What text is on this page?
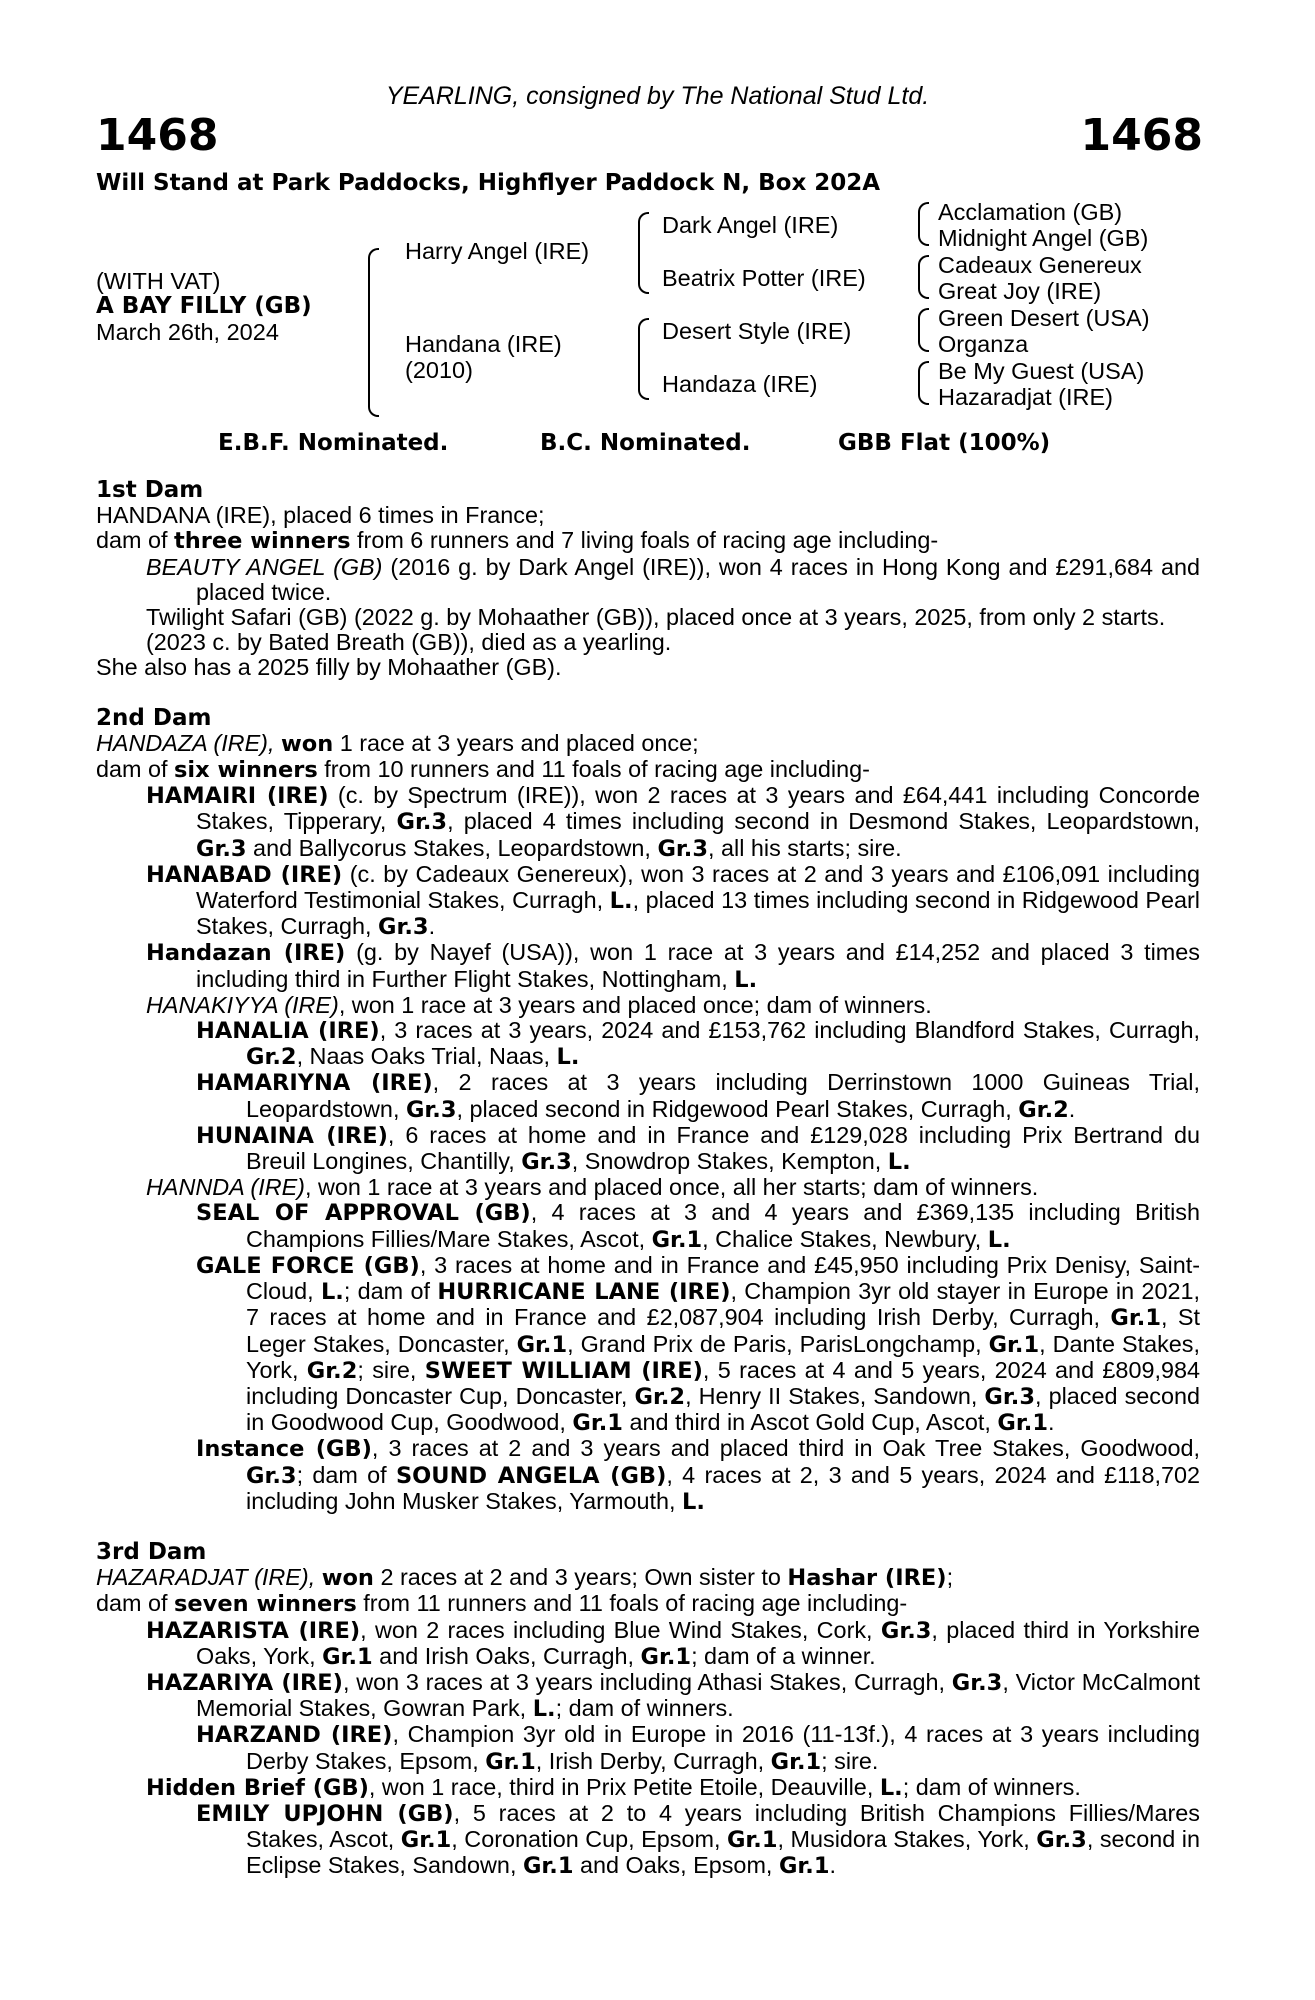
1468	1468
YEARLING, consigned by The National Stud Ltd.
Will Stand at Park Paddocks, Highflyer Paddock N, Box 202A
(WITH VAT)
A BAY FILLY (GB)
March 26th, 2024
Harry Angel (IRE)
Handana (IRE)
(2010)
Dark Angel (IRE)
Beatrix Potter (IRE)
Desert Style (IRE)
Handaza (IRE)
Acclamation (GB)
Midnight Angel (GB)
Cadeaux Genereux
Great Joy (IRE)
Green Desert (USA)
Organza
Be My Guest (USA)
Hazaradjat (IRE)
E.B.F. Nominated.	B.C. Nominated.	GBB Flat (100%)
1st Dam
HANDANA (IRE), placed 6 times in France;
dam of three winners from 6 runners and 7 living foals of racing age including-
BEAUTY ANGEL (GB) (2016 g. by Dark Angel (IRE)), won 4 races in Hong Kong and £291,684 and placed twice.
Twilight Safari (GB) (2022 g. by Mohaather (GB)), placed once at 3 years, 2025, from only 2 starts.
(2023 c. by Bated Breath (GB)), died as a yearling.
She also has a 2025 filly by Mohaather (GB).
2nd Dam
HANDAZA (IRE), won 1 race at 3 years and placed once;
dam of six winners from 10 runners and 11 foals of racing age including-
HAMAIRI (IRE) (c. by Spectrum (IRE)), won 2 races at 3 years and £64,441 including Concorde Stakes, Tipperary, Gr.3, placed 4 times including second in Desmond Stakes, Leopardstown, Gr.3 and Ballycorus Stakes, Leopardstown, Gr.3, all his starts; sire.
HANABAD (IRE) (c. by Cadeaux Genereux), won 3 races at 2 and 3 years and £106,091 including Waterford Testimonial Stakes, Curragh, L., placed 13 times including second in Ridgewood Pearl Stakes, Curragh, Gr.3.
Handazan (IRE) (g. by Nayef (USA)), won 1 race at 3 years and £14,252 and placed 3 times including third in Further Flight Stakes, Nottingham, L.
HANAKIYYA (IRE), won 1 race at 3 years and placed once; dam of winners.
HANALIA (IRE), 3 races at 3 years, 2024 and £153,762 including Blandford Stakes, Curragh, Gr.2, Naas Oaks Trial, Naas, L.
HAMARIYNA (IRE), 2 races at 3 years including Derrinstown 1000 Guineas Trial, Leopardstown, Gr.3, placed second in Ridgewood Pearl Stakes, Curragh, Gr.2.
HUNAINA (IRE), 6 races at home and in France and £129,028 including Prix Bertrand du Breuil Longines, Chantilly, Gr.3, Snowdrop Stakes, Kempton, L.
HANNDA (IRE), won 1 race at 3 years and placed once, all her starts; dam of winners.
SEAL OF APPROVAL (GB), 4 races at 3 and 4 years and £369,135 including British Champions Fillies/Mare Stakes, Ascot, Gr.1, Chalice Stakes, Newbury, L.
GALE FORCE (GB), 3 races at home and in France and £45,950 including Prix Denisy, Saint-Cloud, L.; dam of HURRICANE LANE (IRE), Champion 3yr old stayer in Europe in 2021, 7 races at home and in France and £2,087,904 including Irish Derby, Curragh, Gr.1, St Leger Stakes, Doncaster, Gr.1, Grand Prix de Paris, ParisLongchamp, Gr.1, Dante Stakes, York, Gr.2; sire, SWEET WILLIAM (IRE), 5 races at 4 and 5 years, 2024 and £809,984 including Doncaster Cup, Doncaster, Gr.2, Henry II Stakes, Sandown, Gr.3, placed second in Goodwood Cup, Goodwood, Gr.1 and third in Ascot Gold Cup, Ascot, Gr.1.
Instance (GB), 3 races at 2 and 3 years and placed third in Oak Tree Stakes, Goodwood, Gr.3; dam of SOUND ANGELA (GB), 4 races at 2, 3 and 5 years, 2024 and £118,702 including John Musker Stakes, Yarmouth, L.
3rd Dam
HAZARADJAT (IRE), won 2 races at 2 and 3 years; Own sister to Hashar (IRE);
dam of seven winners from 11 runners and 11 foals of racing age including-
HAZARISTA (IRE), won 2 races including Blue Wind Stakes, Cork, Gr.3, placed third in Yorkshire Oaks, York, Gr.1 and Irish Oaks, Curragh, Gr.1; dam of a winner.
HAZARIYA (IRE), won 3 races at 3 years including Athasi Stakes, Curragh, Gr.3, Victor McCalmont Memorial Stakes, Gowran Park, L.; dam of winners.
HARZAND (IRE), Champion 3yr old in Europe in 2016 (11-13f.), 4 races at 3 years including Derby Stakes, Epsom, Gr.1, Irish Derby, Curragh, Gr.1; sire.
Hidden Brief (GB), won 1 race, third in Prix Petite Etoile, Deauville, L.; dam of winners.
EMILY UPJOHN (GB), 5 races at 2 to 4 years including British Champions Fillies/Mares Stakes, Ascot, Gr.1, Coronation Cup, Epsom, Gr.1, Musidora Stakes, York, Gr.3, second in Eclipse Stakes, Sandown, Gr.1 and Oaks, Epsom, Gr.1.
